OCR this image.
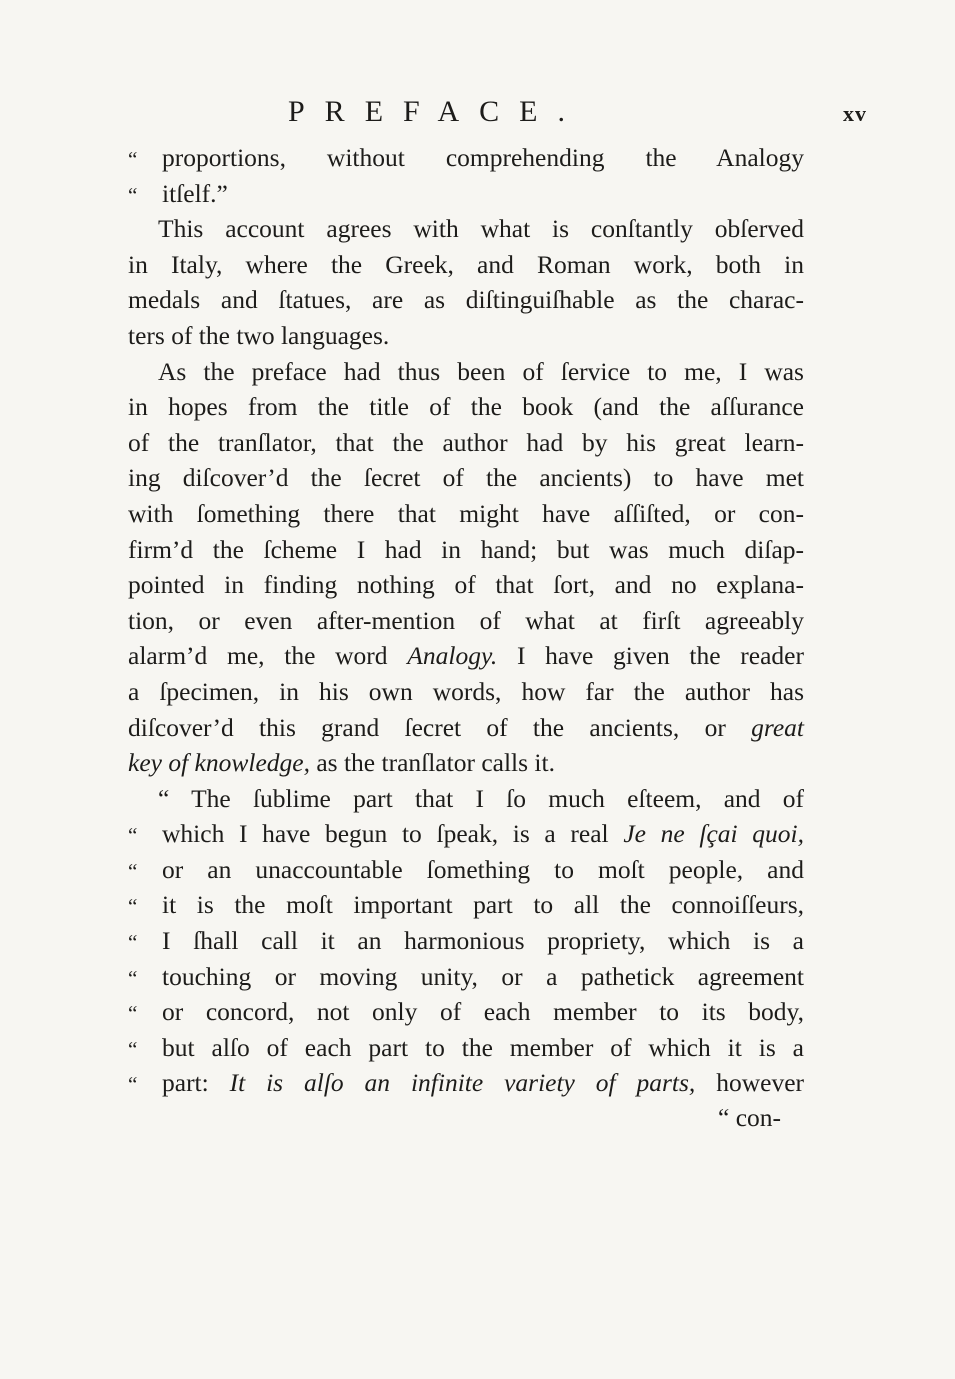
PREFACE.	xv
“ proportions, without comprehending the Analogy
“ itſelf.”
This account agrees with what is conſtantly obſerved
in Italy, where the Greek, and Roman work, both in
medals and ſtatues, are as diſtinguiſhable as the charac-
ters of the two languages.
As the preface had thus been of ſervice to me, I was
in hopes from the title of the book (and the aſſurance
of the tranſlator, that the author had by his great learn-
ing diſcover’d the ſecret of the ancients) to have met
with ſomething there that might have aſſiſted, or con-
firm’d the ſcheme I had in hand; but was much diſap-
pointed in finding nothing of that ſort, and no explana-
tion, or even after-mention of what at firſt agreeably
alarm’d me, the word Analogy. I have given the reader
a ſpecimen, in his own words, how far the author has
diſcover’d this grand ſecret of the ancients, or great
key of knowledge, as the tranſlator calls it.
“ The ſublime part that I ſo much eſteem, and of
“ which I have begun to ſpeak, is a real Je ne ſçai quoi,
“ or an unaccountable ſomething to moſt people, and
“ it is the moſt important part to all the connoiſſeurs,
“ I ſhall call it an harmonious propriety, which is a
“ touching or moving unity, or a pathetick agreement
“ or concord, not only of each member to its body,
“ but alſo of each part to the member of which it is a
“ part: It is alſo an infinite variety of parts, however
“ con-
